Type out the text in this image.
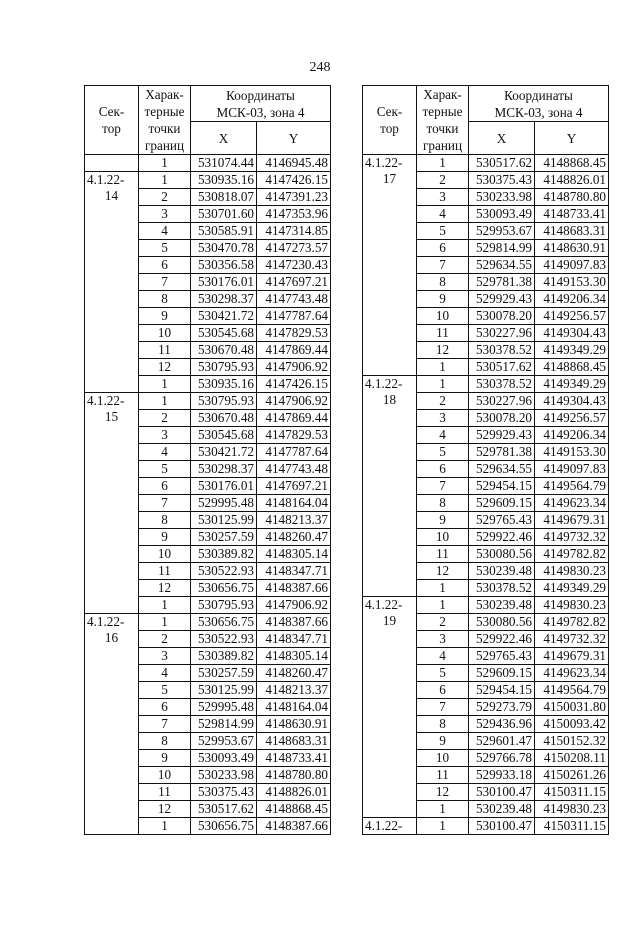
248
Сек-
тор	Харак-
терные
точки
границ	Координаты
МСК-03, зона 4	

		X	Y
	1	531074.44	4146945.48

4.1.22-
14	1	530935.16	4147426.15
	2	530818.07	4147391.23
	3	530701.60	4147353.96
	4	530585.91	4147314.85
	5	530470.78	4147273.57
	6	530356.58	4147230.43
	7	530176.01	4147697.21
	8	530298.37	4147743.48
	9	530421.72	4147787.64
	10	530545.68	4147829.53
	11	530670.48	4147869.44
	12	530795.93	4147906.92
	1	530935.16	4147426.15

4.1.22-
15	1	530795.93	4147906.92
	2	530670.48	4147869.44
	3	530545.68	4147829.53
	4	530421.72	4147787.64
	5	530298.37	4147743.48
	6	530176.01	4147697.21
	7	529995.48	4148164.04
	8	530125.99	4148213.37
	9	530257.59	4148260.47
	10	530389.82	4148305.14
	11	530522.93	4148347.71
	12	530656.75	4148387.66
	1	530795.93	4147906.92

4.1.22-
16	1	530656.75	4148387.66
	2	530522.93	4148347.71
	3	530389.82	4148305.14
	4	530257.59	4148260.47
	5	530125.99	4148213.37
	6	529995.48	4148164.04
	7	529814.99	4148630.91
	8	529953.67	4148683.31
	9	530093.49	4148733.41
	10	530233.98	4148780.80
	11	530375.43	4148826.01
	12	530517.62	4148868.45
	1	530656.75	4148387.66
Сек-
тор	Харак-
терные
точки
границ	Координаты
МСК-03, зона 4	

		X	Y

4.1.22-
17	1	530517.62	4148868.45
	2	530375.43	4148826.01
	3	530233.98	4148780.80
	4	530093.49	4148733.41
	5	529953.67	4148683.31
	6	529814.99	4148630.91
	7	529634.55	4149097.83
	8	529781.38	4149153.30
	9	529929.43	4149206.34
	10	530078.20	4149256.57
	11	530227.96	4149304.43
	12	530378.52	4149349.29
	1	530517.62	4148868.45

4.1.22-
18	1	530378.52	4149349.29
	2	530227.96	4149304.43
	3	530078.20	4149256.57
	4	529929.43	4149206.34
	5	529781.38	4149153.30
	6	529634.55	4149097.83
	7	529454.15	4149564.79
	8	529609.15	4149623.34
	9	529765.43	4149679.31
	10	529922.46	4149732.32
	11	530080.56	4149782.82
	12	530239.48	4149830.23
	1	530378.52	4149349.29

4.1.22-
19	1	530239.48	4149830.23
	2	530080.56	4149782.82
	3	529922.46	4149732.32
	4	529765.43	4149679.31
	5	529609.15	4149623.34
	6	529454.15	4149564.79
	7	529273.79	4150031.80
	8	529436.96	4150093.42
	9	529601.47	4150152.32
	10	529766.78	4150208.11
	11	529933.18	4150261.26
	12	530100.47	4150311.15
	1	530239.48	4149830.23

4.1.22-	1	530100.47	4150311.15
